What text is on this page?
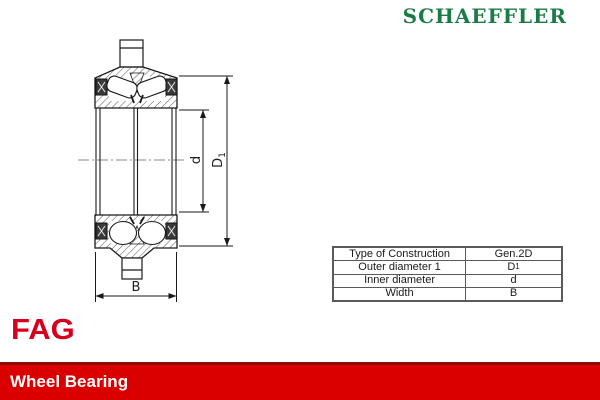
SCHAEFFLER
d $D_1$
B
Type of Construction	Gen.2D
Outer diameter 1	D 1
Inner diameter	d
Width	B
FAG
Wheel Bearing
